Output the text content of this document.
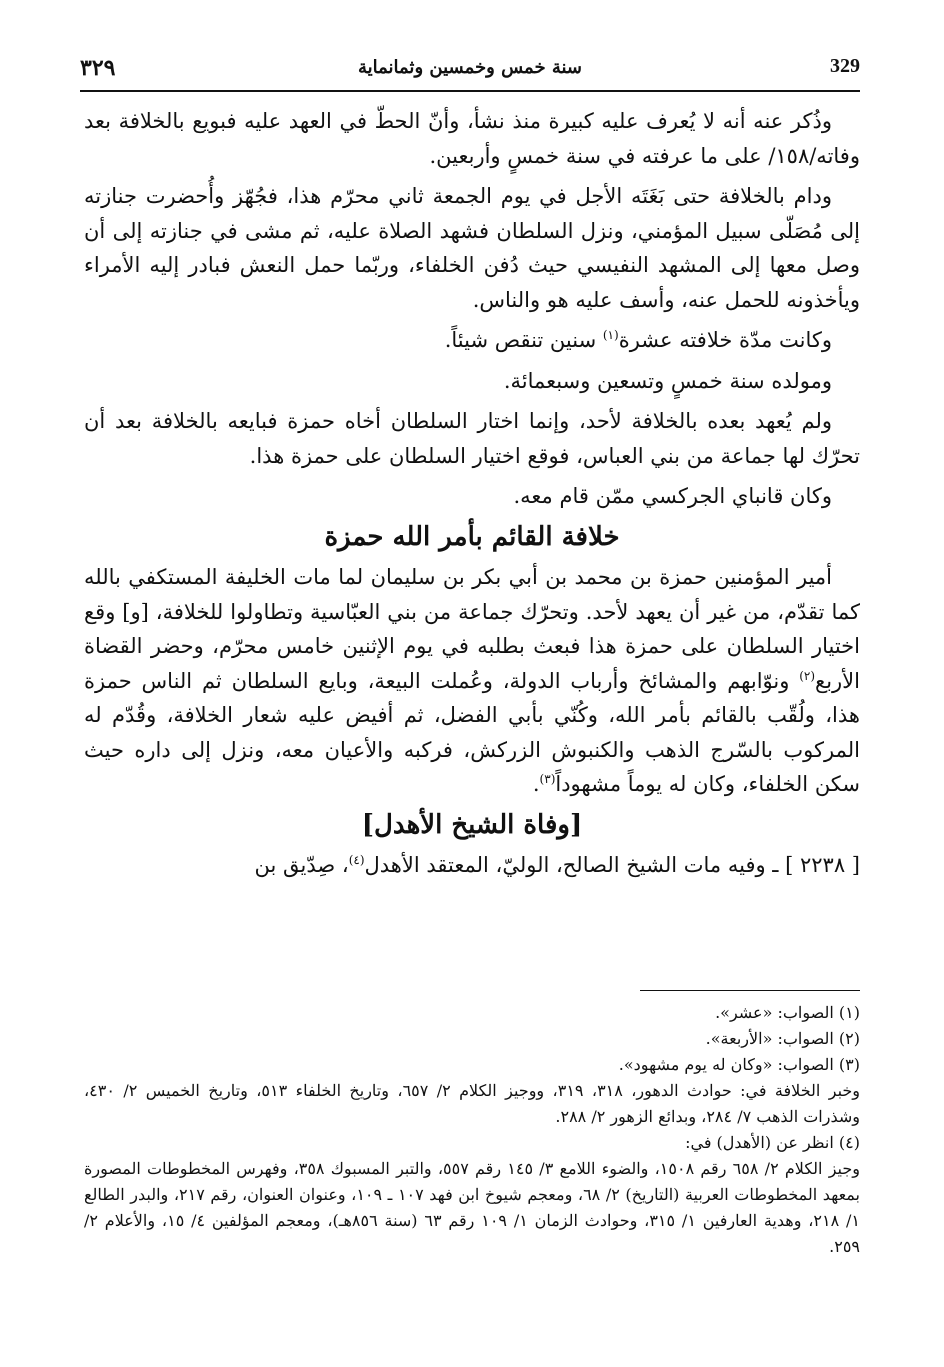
٣٢٩	سنة خمس وخمسين وثمانماية	329

وذُكر عنه أنه لا يُعرف عليه كبيرة منذ نشأ، وأنّ الحطّ في العهد عليه فبويع بالخلافة بعد وفاته/١٥٨/ على ما عرفته في سنة خمسٍ وأربعين.

ودام بالخلافة حتى بَغَتَه الأجل في يوم الجمعة ثاني محرّم هذا، فجُهّز وأُحضرت جنازته إلى مُصَلّى سبيل المؤمني، ونزل السلطان فشهد الصلاة عليه، ثم مشى في جنازته إلى أن وصل معها إلى المشهد النفيسي حيث دُفن الخلفاء، وربّما حمل النعش فبادر إليه الأمراء ويأخذونه للحمل عنه، وأسف عليه هو والناس.

وكانت مدّة خلافته عشرة$^{(١)}$ سنين تنقص شيئاً.

ومولده سنة خمسٍ وتسعين وسبعمائة.

ولم يُعهد بعده بالخلافة لأحد، وإنما اختار السلطان أخاه حمزة فبايعه بالخلافة بعد أن تحرّك لها جماعة من بني العباس، فوقع اختيار السلطان على حمزة هذا.

وكان قانباي الجركسي ممّن قام معه.

خلافة القائم بأمر الله حمزة

أمير المؤمنين حمزة بن محمد بن أبي بكر بن سليمان لما مات الخليفة المستكفي بالله كما تقدّم، من غير أن يعهد لأحد. وتحرّك جماعة من بني العبّاسية وتطاولوا للخلافة، [و] وقع اختيار السلطان على حمزة هذا فبعث بطلبه في يوم الإثنين خامس محرّم، وحضر القضاة الأربع$^{(٢)}$ ونوّابهم والمشائخ وأرباب الدولة، وعُملت البيعة، وبايع السلطان ثم الناس حمزة هذا، ولُقّب بالقائم بأمر الله، وكُنّي بأبي الفضل، ثم أفيض عليه شعار الخلافة، وقُدّم له المركوب بالسّرج الذهب والكنبوش الزركش، فركبه والأعيان معه، ونزل إلى داره حيث سكن الخلفاء، وكان له يوماً مشهوداً$^{(٣)}$.

[وفاة الشيخ الأهدل]

[ ٢٢٣٨ ] ـ وفيه مات الشيخ الصالح، الوليّ، المعتقد الأهدل$^{(٤)}$، صِدّيق بن

(١) الصواب: «عشر».

(٢) الصواب: «الأربعة».

(٣) الصواب: «وكان له يوم مشهود».

وخبر الخلافة في: حوادث الدهور، ٣١٨، ٣١٩، ووجيز الكلام ٢/ ٦٥٧، وتاريخ الخلفاء ٥١٣، وتاريخ الخميس ٢/ ٤٣٠، وشذرات الذهب ٧/ ٢٨٤، وبدائع الزهور ٢/ ٢٨٨.

(٤) انظر عن (الأهدل) في:

وجيز الكلام ٢/ ٦٥٨ رقم ١٥٠٨، والضوء اللامع ٣/ ١٤٥ رقم ٥٥٧، والتبر المسبوك ٣٥٨، وفهرس المخطوطات المصورة بمعهد المخطوطات العربية (التاريخ) ٢/ ٦٨، ومعجم شيوخ ابن فهد ١٠٧ ـ ١٠٩، وعنوان العنوان، رقم ٢١٧، والبدر الطالع ١/ ٢١٨، وهدية العارفين ١/ ٣١٥، وحوادث الزمان ١/ ١٠٩ رقم ٦٣ (سنة ٨٥٦هـ)، ومعجم المؤلفين ٤/ ١٥، والأعلام ٢/ ٢٥٩.
